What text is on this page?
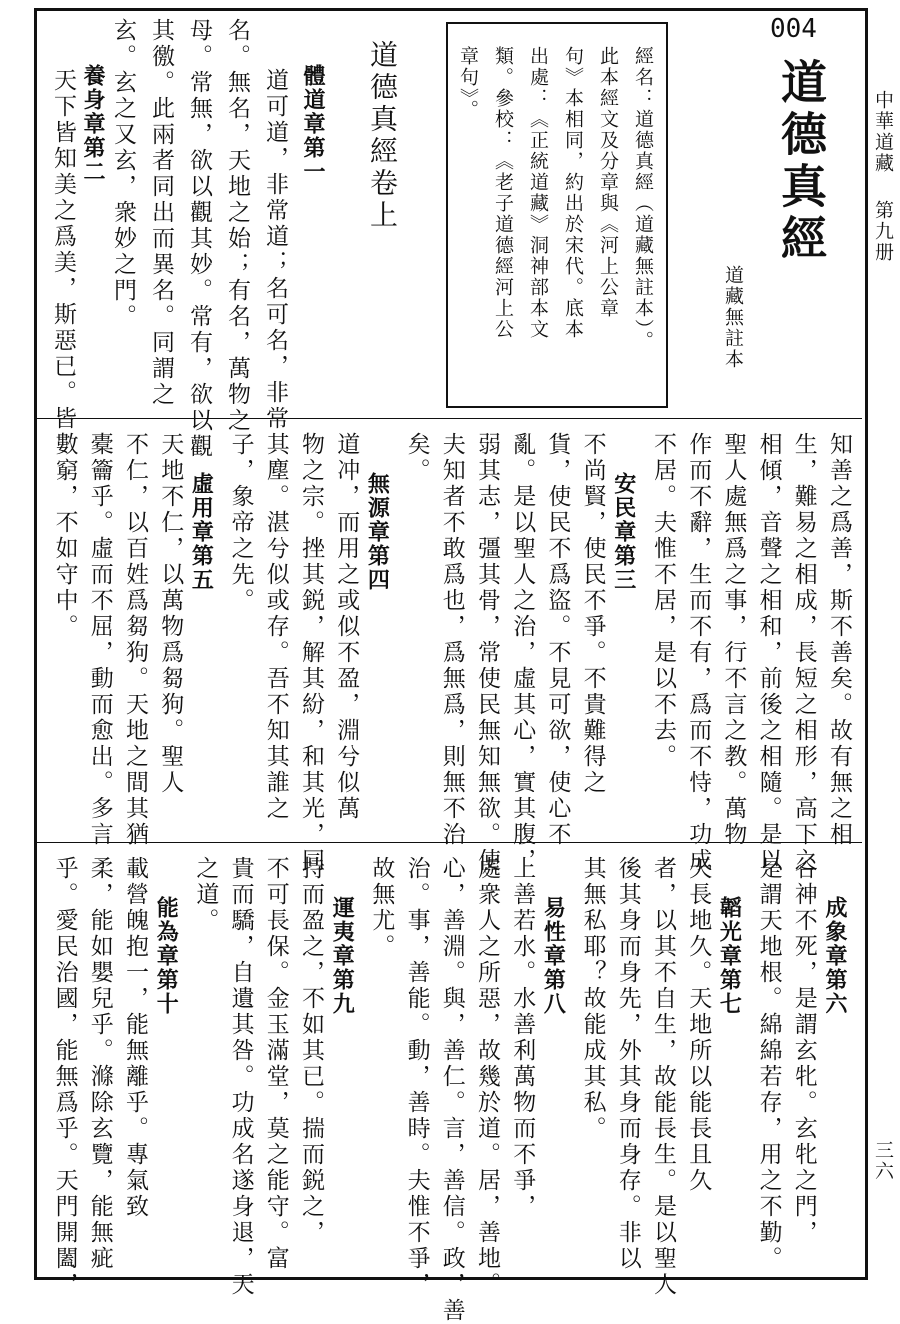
中華道藏
第九册
三六
004
道德真經
道藏無註本
經名：道德真經（道藏無註本）。
此本經文及分章與《河上公章
句》本相同，約出於宋代。底本
出處：《正統道藏》洞神部本文
類。參校：《老子道德經河上公
章句》。
道德真經卷上
體道章第一
道可道，非常道；名可名，非常
名。無名，天地之始；有名，萬物之
母。常無，欲以觀其妙。常有，欲以觀
其徼。此兩者同出而異名。同謂之
玄。玄之又玄，衆妙之門。
養身章第二
天下皆知美之爲美，斯惡已。皆
知善之爲善，斯不善矣。故有無之相
生，難易之相成，長短之相形，高下之
相傾，音聲之相和，前後之相隨。是以
聖人處無爲之事，行不言之教。萬物
作而不辭，生而不有，爲而不恃，功成
不居。夫惟不居，是以不去。
安民章第三
不尚賢，使民不爭。不貴難得之
貨，使民不爲盜。不見可欲，使心不
亂。是以聖人之治，虛其心，實其腹，
弱其志，彊其骨，常使民無知無欲。使
夫知者不敢爲也，爲無爲，則無不治
矣。
無源章第四
道冲，而用之或似不盈，淵兮似萬
物之宗。挫其鋭，解其紛，和其光，同
其塵。湛兮似或存。吾不知其誰之
子，象帝之先。
虛用章第五
天地不仁，以萬物爲芻狗。聖人
不仁，以百姓爲芻狗。天地之間其猶
橐籥乎。虛而不屈，動而愈出。多言
數窮，不如守中。
成象章第六
谷神不死，是謂玄牝。玄牝之門，
是謂天地根。綿綿若存，用之不勤。
韜光章第七
天長地久。天地所以能長且久
者，以其不自生，故能長生。是以聖人
後其身而身先，外其身而身存。非以
其無私耶？故能成其私。
易性章第八
上善若水。水善利萬物而不爭，
處衆人之所惡，故幾於道。居，善地。
心，善淵。與，善仁。言，善信。政，善
治。事，善能。動，善時。夫惟不爭，
故無尤。
運夷章第九
持而盈之，不如其已。揣而鋭之，
不可長保。金玉滿堂，莫之能守。富
貴而驕，自遺其咎。功成名遂身退，天
之道。
能為章第十
載營魄抱一，能無離乎。專氣致
柔，能如嬰兒乎。滌除玄覽，能無疵
乎。愛民治國，能無爲乎。天門開闔，
